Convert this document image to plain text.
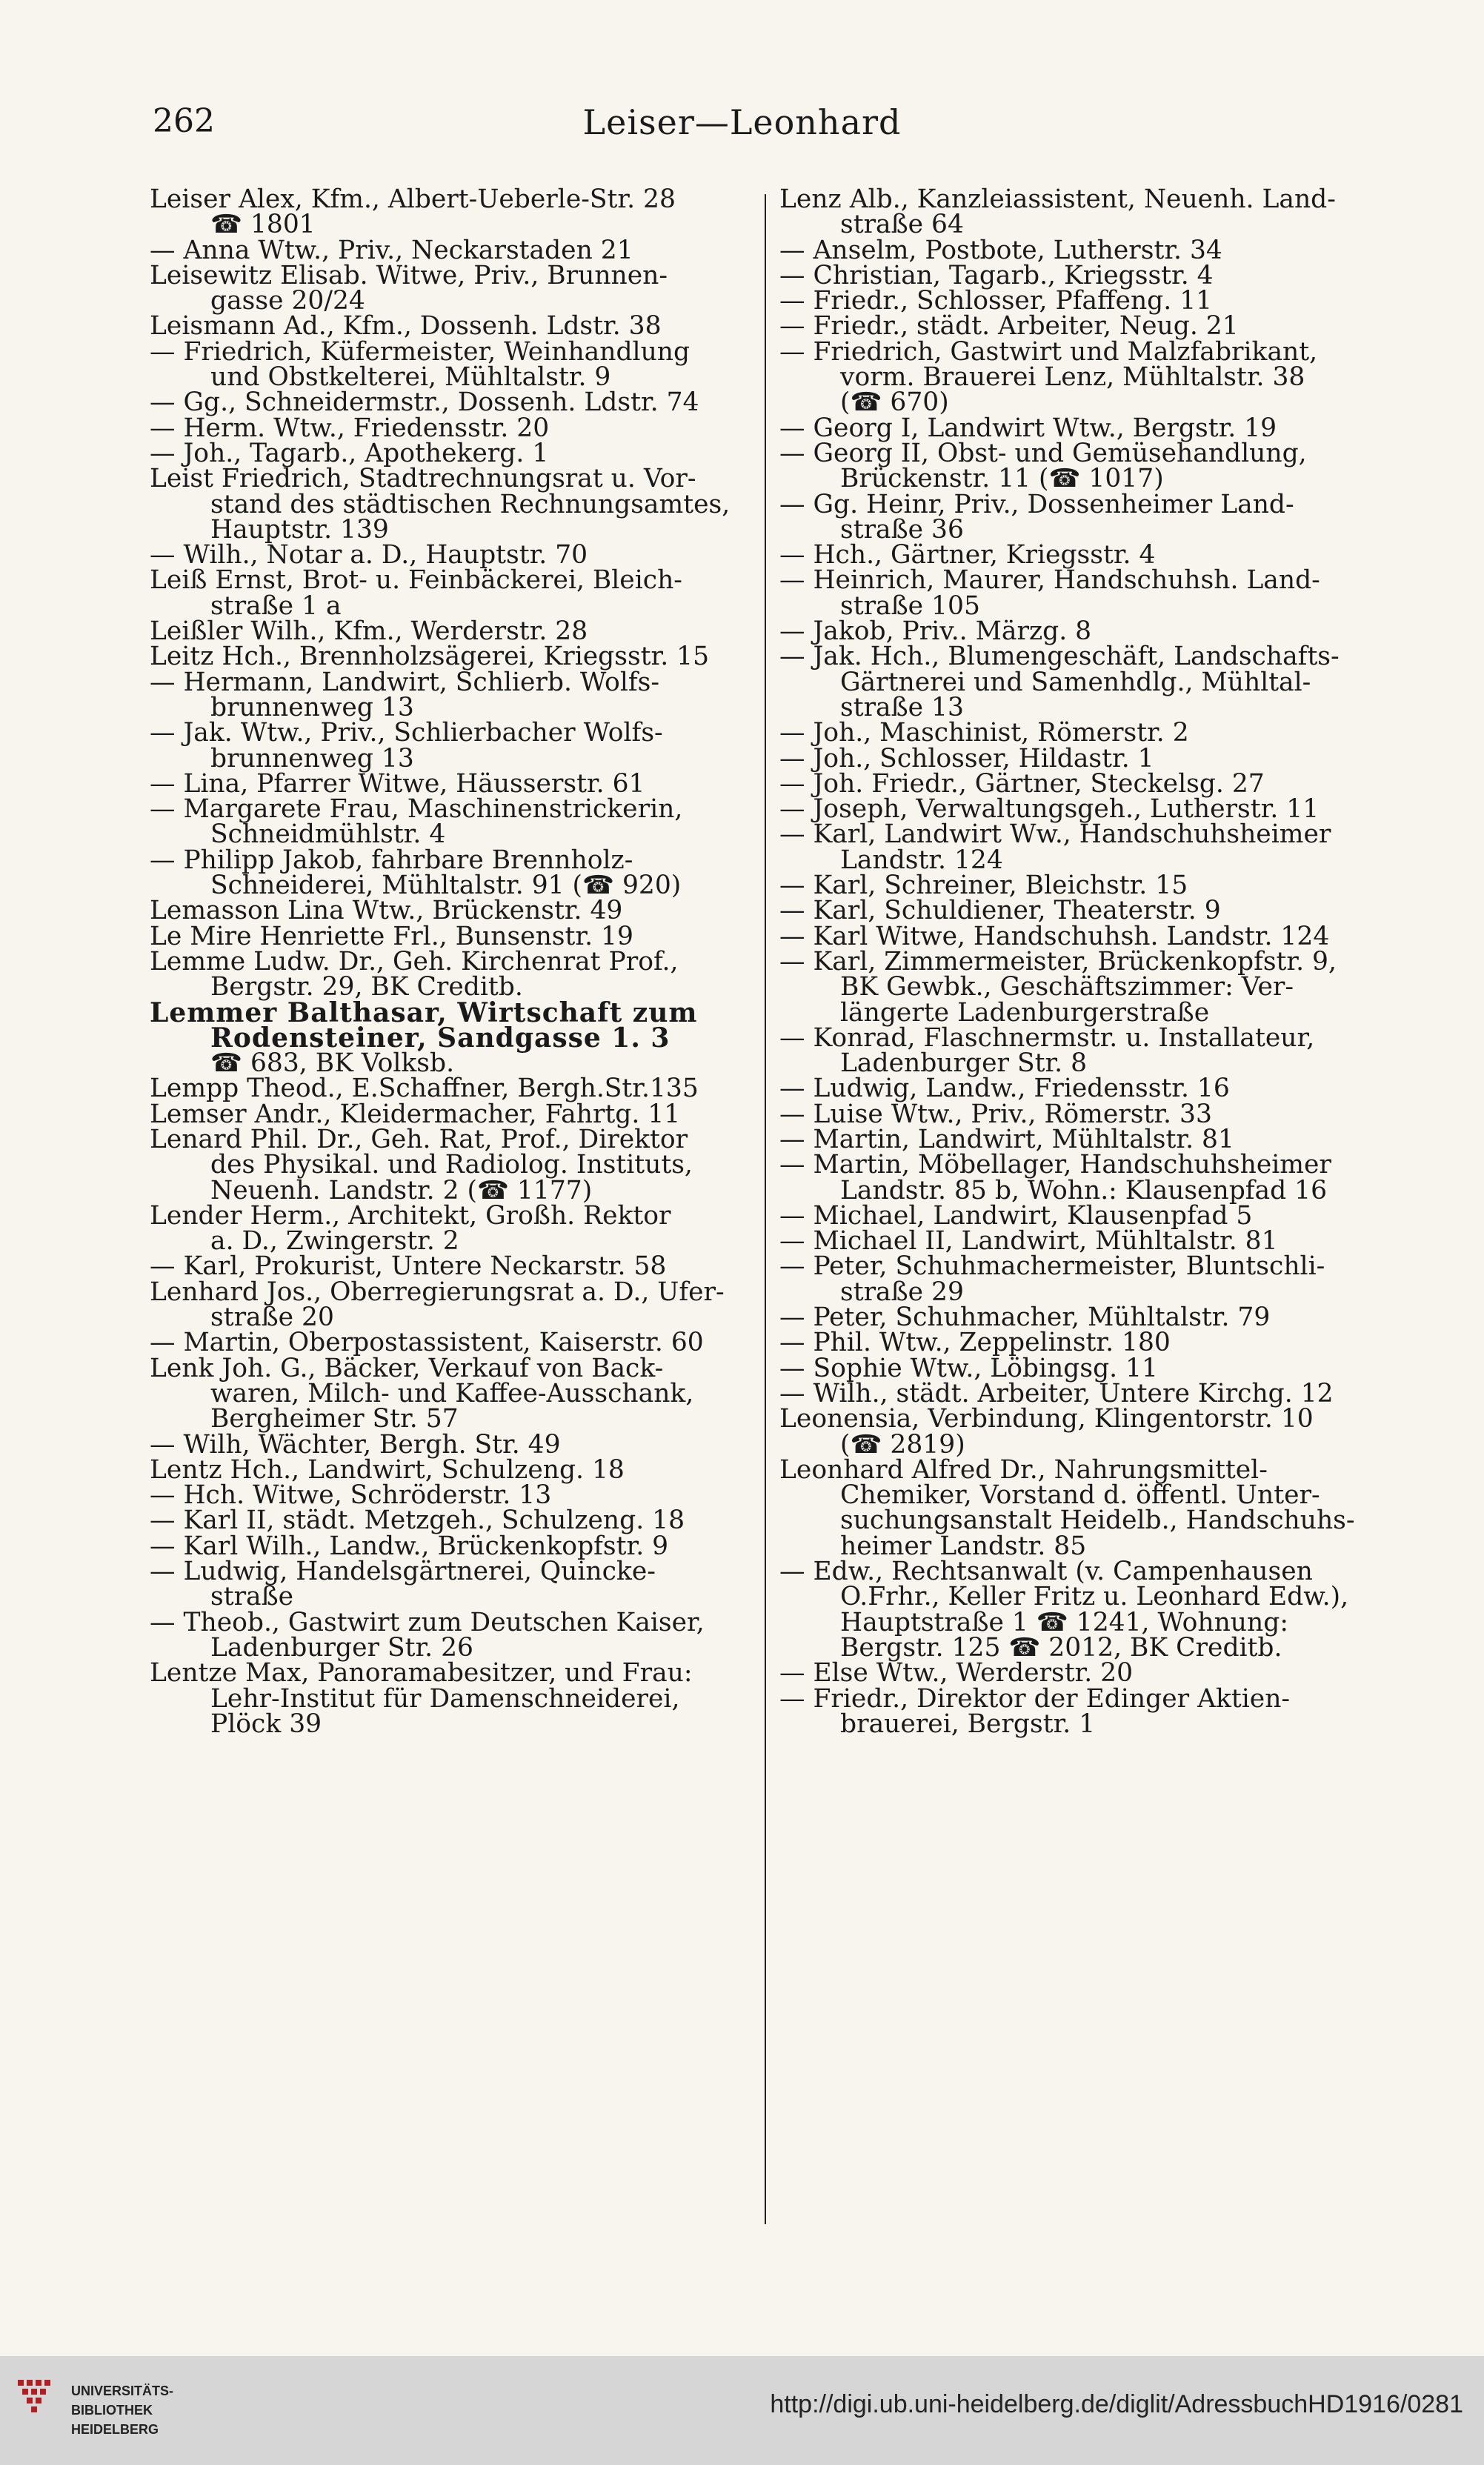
262	Leiser—Leonhard
Leiser Alex, Kfm., Albert-Ueberle-Str. 28
☎ 1801
— Anna Wtw., Priv., Neckarstaden 21
Leisewitz Elisab. Witwe, Priv., Brunnen-
gasse 20/24
Leismann Ad., Kfm., Dossenh. Ldstr. 38
— Friedrich, Küfermeister, Weinhandlung
und Obstkelterei, Mühltalstr. 9
— Gg., Schneidermstr., Dossenh. Ldstr. 74
— Herm. Wtw., Friedensstr. 20
— Joh., Tagarb., Apothekerg. 1
Leist Friedrich, Stadtrechnungsrat u. Vor-
stand des städtischen Rechnungsamtes,
Hauptstr. 139
— Wilh., Notar a. D., Hauptstr. 70
Leiß Ernst, Brot- u. Feinbäckerei, Bleich-
straße 1 a
Leißler Wilh., Kfm., Werderstr. 28
Leitz Hch., Brennholzsägerei, Kriegsstr. 15
— Hermann, Landwirt, Schlierb. Wolfs-
brunnenweg 13
— Jak. Wtw., Priv., Schlierbacher Wolfs-
brunnenweg 13
— Lina, Pfarrer Witwe, Häusserstr. 61
— Margarete Frau, Maschinenstrickerin,
Schneidmühlstr. 4
— Philipp Jakob, fahrbare Brennholz-
Schneiderei, Mühltalstr. 91 (☎ 920)
Lemasson Lina Wtw., Brückenstr. 49
Le Mire Henriette Frl., Bunsenstr. 19
Lemme Ludw. Dr., Geh. Kirchenrat Prof.,
Bergstr. 29, BK Creditb.
Lemmer Balthasar, Wirtschaft zum
Rodensteiner, Sandgasse 1. 3
☎ 683, BK Volksb.
Lempp Theod., E.Schaffner, Bergh.Str.135
Lemser Andr., Kleidermacher, Fahrtg. 11
Lenard Phil. Dr., Geh. Rat, Prof., Direktor
des Physikal. und Radiolog. Instituts,
Neuenh. Landstr. 2 (☎ 1177)
Lender Herm., Architekt, Großh. Rektor
a. D., Zwingerstr. 2
— Karl, Prokurist, Untere Neckarstr. 58
Lenhard Jos., Oberregierungsrat a. D., Ufer-
straße 20
— Martin, Oberpostassistent, Kaiserstr. 60
Lenk Joh. G., Bäcker, Verkauf von Back-
waren, Milch- und Kaffee-Ausschank,
Bergheimer Str. 57
— Wilh, Wächter, Bergh. Str. 49
Lentz Hch., Landwirt, Schulzeng. 18
— Hch. Witwe, Schröderstr. 13
— Karl II, städt. Metzgeh., Schulzeng. 18
— Karl Wilh., Landw., Brückenkopfstr. 9
— Ludwig, Handelsgärtnerei, Quincke-
straße
— Theob., Gastwirt zum Deutschen Kaiser,
Ladenburger Str. 26
Lentze Max, Panoramabesitzer, und Frau:
Lehr-Institut für Damenschneiderei,
Plöck 39
Lenz Alb., Kanzleiassistent, Neuenh. Land-
straße 64
— Anselm, Postbote, Lutherstr. 34
— Christian, Tagarb., Kriegsstr. 4
— Friedr., Schlosser, Pfaffeng. 11
— Friedr., städt. Arbeiter, Neug. 21
— Friedrich, Gastwirt und Malzfabrikant,
vorm. Brauerei Lenz, Mühltalstr. 38
(☎ 670)
— Georg I, Landwirt Wtw., Bergstr. 19
— Georg II, Obst- und Gemüsehandlung,
Brückenstr. 11 (☎ 1017)
— Gg. Heinr, Priv., Dossenheimer Land-
straße 36
— Hch., Gärtner, Kriegsstr. 4
— Heinrich, Maurer, Handschuhsh. Land-
straße 105
— Jakob, Priv.. Märzg. 8
— Jak. Hch., Blumengeschäft, Landschafts-
Gärtnerei und Samenhdlg., Mühltal-
straße 13
— Joh., Maschinist, Römerstr. 2
— Joh., Schlosser, Hildastr. 1
— Joh. Friedr., Gärtner, Steckelsg. 27
— Joseph, Verwaltungsgeh., Lutherstr. 11
— Karl, Landwirt Ww., Handschuhsheimer
Landstr. 124
— Karl, Schreiner, Bleichstr. 15
— Karl, Schuldiener, Theaterstr. 9
— Karl Witwe, Handschuhsh. Landstr. 124
— Karl, Zimmermeister, Brückenkopfstr. 9,
BK Gewbk., Geschäftszimmer: Ver-
längerte Ladenburgerstraße
— Konrad, Flaschnermstr. u. Installateur,
Ladenburger Str. 8
— Ludwig, Landw., Friedensstr. 16
— Luise Wtw., Priv., Römerstr. 33
— Martin, Landwirt, Mühltalstr. 81
— Martin, Möbellager, Handschuhsheimer
Landstr. 85 b, Wohn.: Klausenpfad 16
— Michael, Landwirt, Klausenpfad 5
— Michael II, Landwirt, Mühltalstr. 81
— Peter, Schuhmachermeister, Bluntschli-
straße 29
— Peter, Schuhmacher, Mühltalstr. 79
— Phil. Wtw., Zeppelinstr. 180
— Sophie Wtw., Löbingsg. 11
— Wilh., städt. Arbeiter, Untere Kirchg. 12
Leonensia, Verbindung, Klingentorstr. 10
(☎ 2819)
Leonhard Alfred Dr., Nahrungsmittel-
Chemiker, Vorstand d. öffentl. Unter-
suchungsanstalt Heidelb., Handschuhs-
heimer Landstr. 85
— Edw., Rechtsanwalt (v. Campenhausen
O.Frhr., Keller Fritz u. Leonhard Edw.),
Hauptstraße 1 ☎ 1241, Wohnung:
Bergstr. 125 ☎ 2012, BK Creditb.
— Else Wtw., Werderstr. 20
— Friedr., Direktor der Edinger Aktien-
brauerei, Bergstr. 1
UNIVERSITÄTS-
BIBLIOTHEK
HEIDELBERG
http://digi.ub.uni-heidelberg.de/diglit/AdressbuchHD1916/0281
